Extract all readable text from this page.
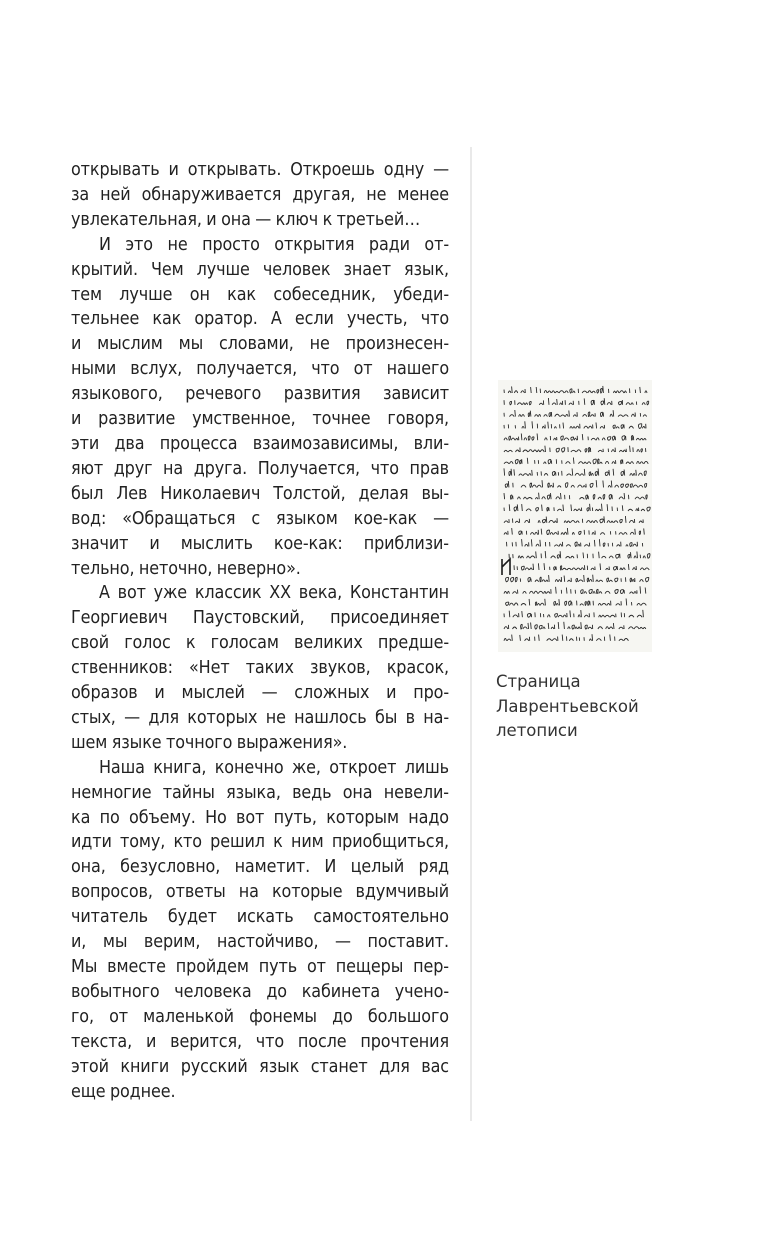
открывать и открывать. Откроешь одну —
за ней обнаруживается другая, не менее
увлекательная, и она — ключ к третьей…
И это не просто открытия ради от-
крытий. Чем лучше человек знает язык,
тем лучше он как собеседник, убеди-
тельнее как оратор. А если учесть, что
и мыслим мы словами, не произнесен-
ными вслух, получается, что от нашего
языкового, речевого развития зависит
и развитие умственное, точнее говоря,
эти два процесса взаимозависимы, вли-
яют друг на друга. Получается, что прав
был Лев Николаевич Толстой, делая вы-
вод: «Обращаться с языком кое-как —
значит и мыслить кое-как: приблизи-
тельно, неточно, неверно».
А вот уже классик XX века, Константин
Георгиевич Паустовский, присоединяет
свой голос к голосам великих предше-
ственников: «Нет таких звуков, красок,
образов и мыслей — сложных и про-
стых, — для которых не нашлось бы в на-
шем языке точного выражения».
Наша книга, конечно же, откроет лишь
немногие тайны языка, ведь она невели-
ка по объему. Но вот путь, которым надо
идти тому, кто решил к ним приобщиться,
она, безусловно, наметит. И целый ряд
вопросов, ответы на которые вдумчивый
читатель будет искать самостоятельно
и, мы верим, настойчиво, — поставит.
Мы вместе пройдем путь от пещеры пер-
вобытного человека до кабинета учено-
го, от маленькой фонемы до большого
текста, и верится, что после прочтения
этой книги русский язык станет для вас
еще роднее.
Страница
Лаврентьевской
летописи
